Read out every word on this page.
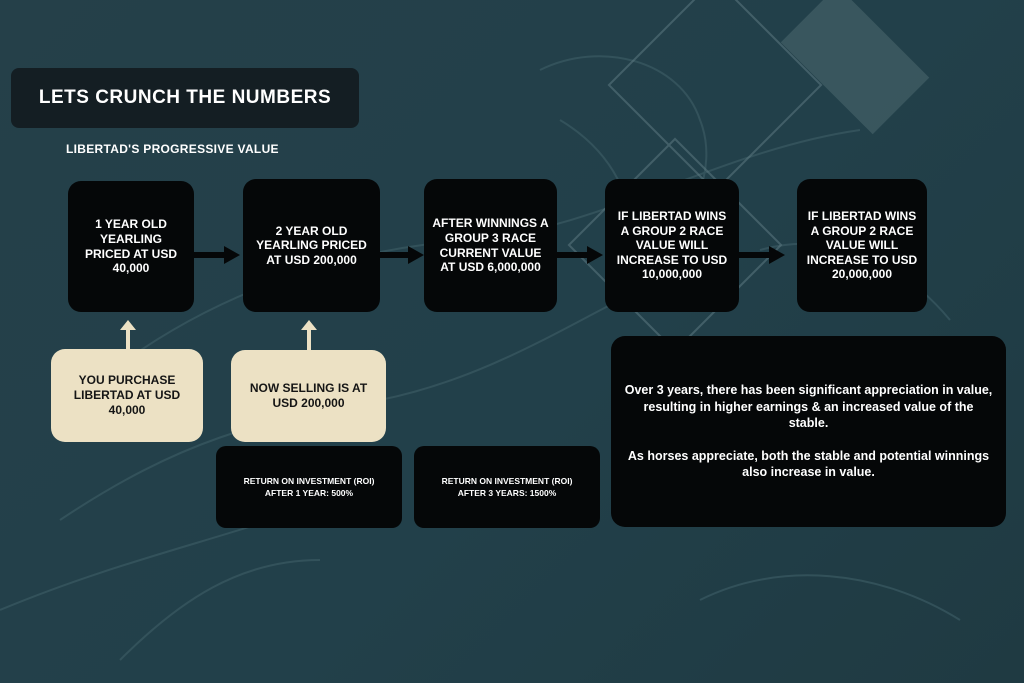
LETS CRUNCH THE NUMBERS
LIBERTAD'S PROGRESSIVE VALUE
1 YEAR OLD YEARLING PRICED AT USD 40,000
2 YEAR OLD YEARLING PRICED AT USD 200,000
AFTER WINNINGS A GROUP 3 RACE CURRENT VALUE AT USD 6,000,000
IF LIBERTAD WINS A GROUP 2 RACE VALUE WILL INCREASE TO USD 10,000,000
IF LIBERTAD WINS A GROUP 2 RACE VALUE WILL INCREASE TO USD 20,000,000
YOU PURCHASE LIBERTAD AT USD 40,000
NOW SELLING IS AT USD 200,000
RETURN ON INVESTMENT (ROI)
AFTER 1 YEAR: 500%
RETURN ON INVESTMENT (ROI)
AFTER 3 YEARS: 1500%

Over 3 years, there has been significant appreciation in value, resulting in higher earnings & an increased value of the stable.

As horses appreciate, both the stable and potential winnings also increase in value.
